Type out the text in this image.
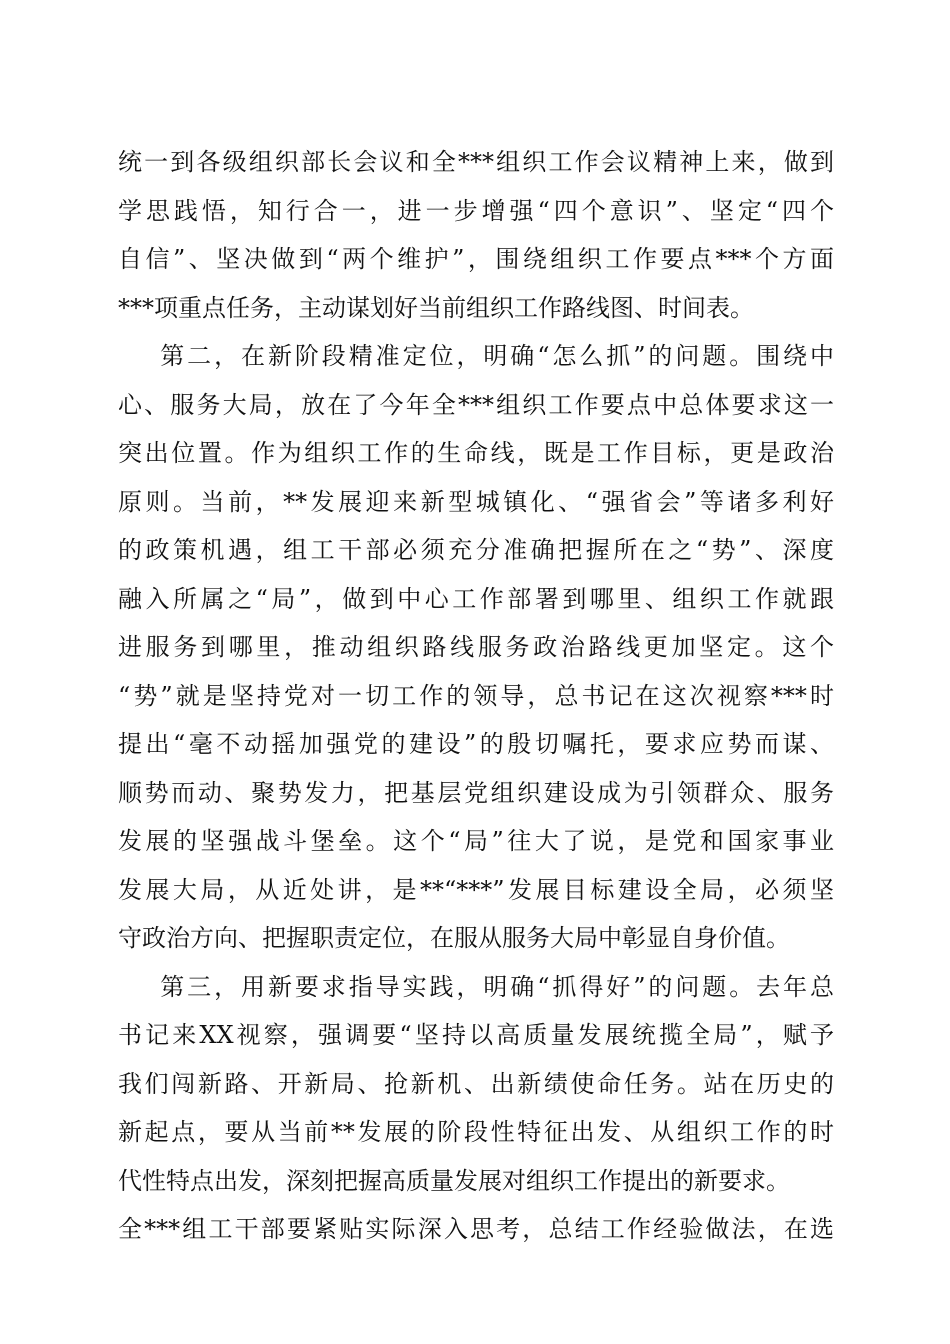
统一到各级组织部长会议和全***组织工作会议精神上来，做到
学思践悟，知行合一，进一步增强“四个意识”、坚定“四个
自信”、坚决做到“两个维护”，围绕组织工作要点***个方面
***项重点任务，主动谋划好当前组织工作路线图、时间表。
第二，在新阶段精准定位，明确“怎么抓”的问题。围绕中
心、服务大局，放在了今年全***组织工作要点中总体要求这一
突出位置。作为组织工作的生命线，既是工作目标，更是政治
原则。当前，**发展迎来新型城镇化、“强省会”等诸多利好
的政策机遇，组工干部必须充分准确把握所在之“势”、深度
融入所属之“局”，做到中心工作部署到哪里、组织工作就跟
进服务到哪里，推动组织路线服务政治路线更加坚定。这个
“势”就是坚持党对一切工作的领导，总书记在这次视察***时
提出“毫不动摇加强党的建设”的殷切嘱托，要求应势而谋、
顺势而动、聚势发力，把基层党组织建设成为引领群众、服务
发展的坚强战斗堡垒。这个“局”往大了说，是党和国家事业
发展大局，从近处讲，是**“***”发展目标建设全局，必须坚
守政治方向、把握职责定位，在服从服务大局中彰显自身价值。
第三，用新要求指导实践，明确“抓得好”的问题。去年总
书记来XX视察，强调要“坚持以高质量发展统揽全局”，赋予
我们闯新路、开新局、抢新机、出新绩使命任务。站在历史的
新起点，要从当前**发展的阶段性特征出发、从组织工作的时
代性特点出发，深刻把握高质量发展对组织工作提出的新要求。
全***组工干部要紧贴实际深入思考，总结工作经验做法，在选
